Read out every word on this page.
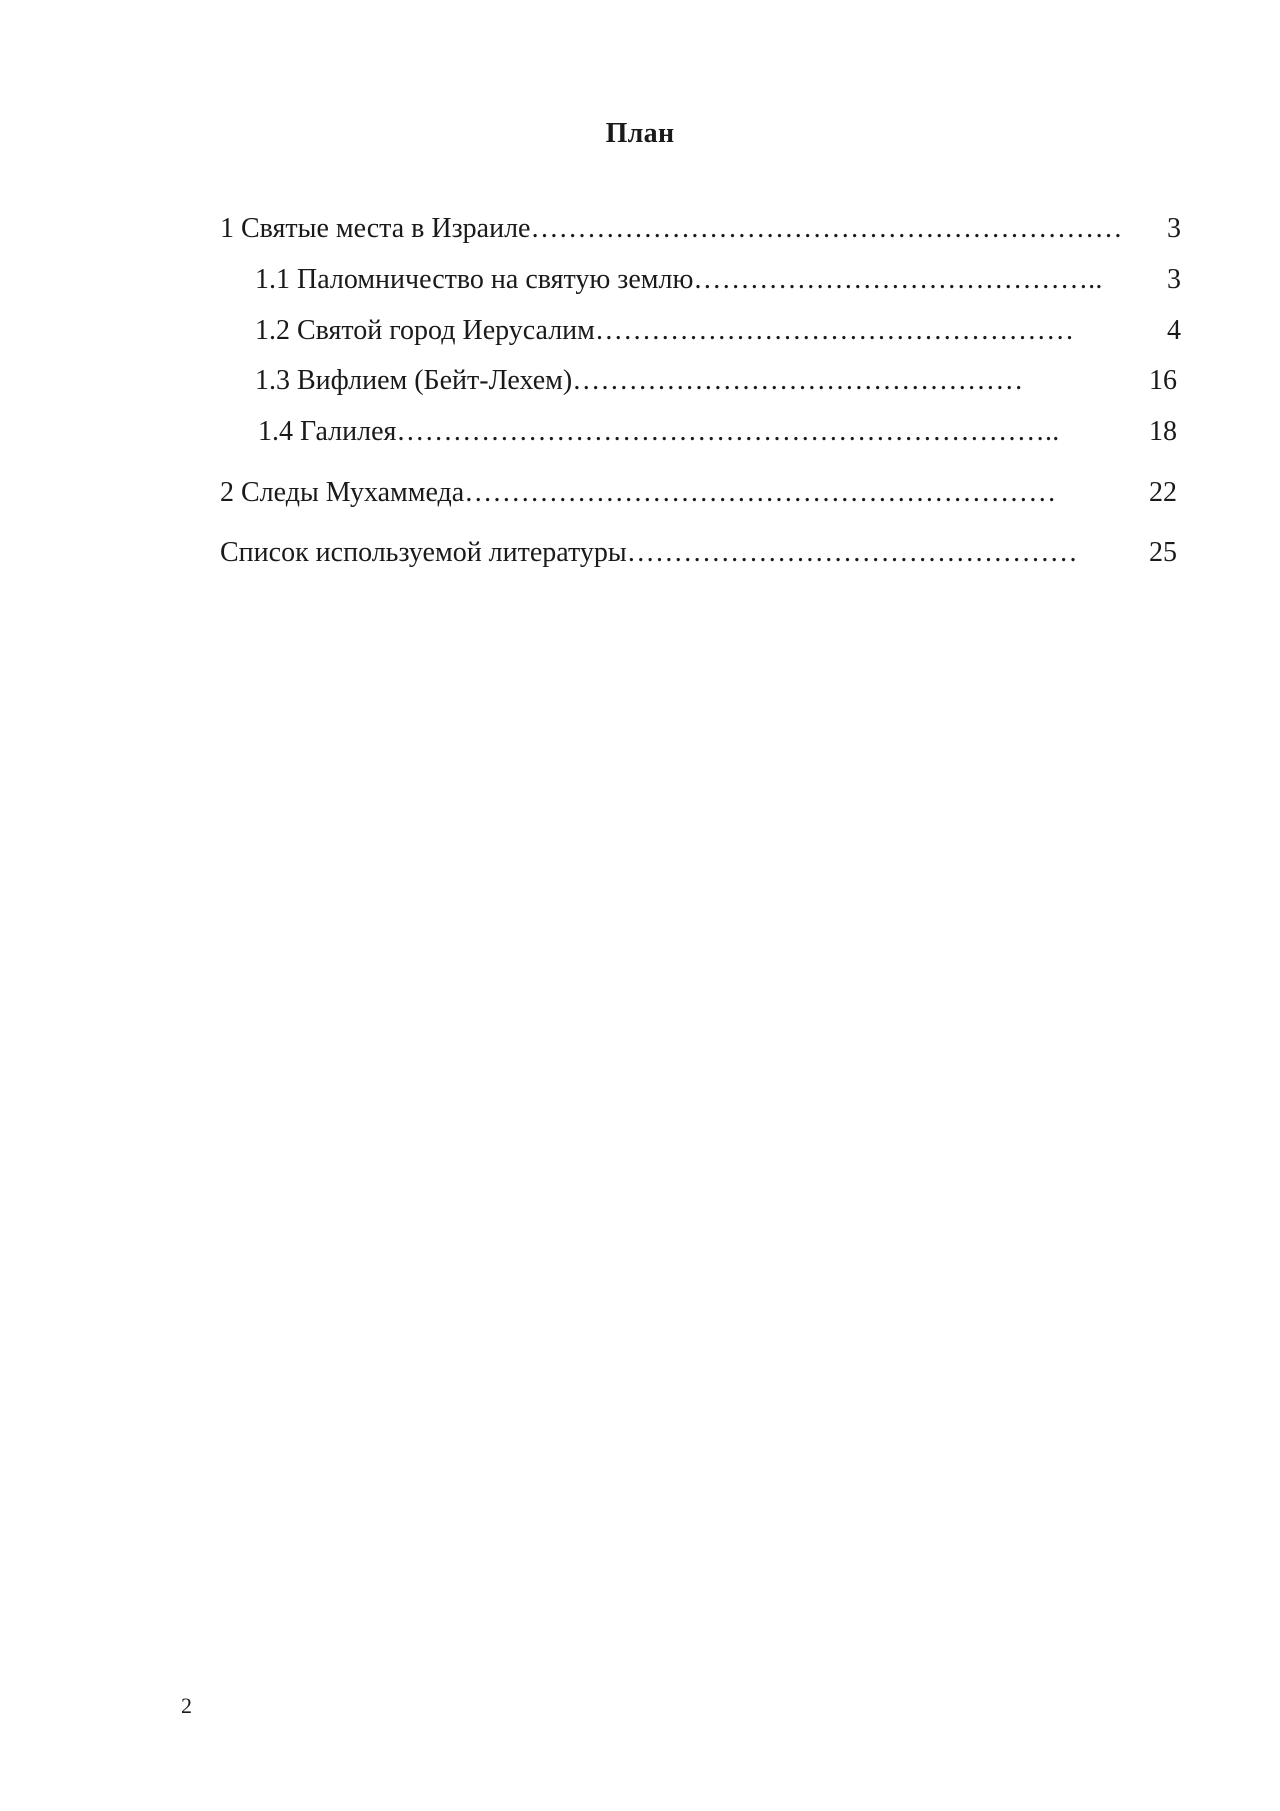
План
1 Святые места в Израиле……………………………………………………… 3
1.1 Паломничество на святую землю…………………………………….. 3
1.2 Святой город Иерусалим……………………………………………	4
1.3 Вифлием (Бейт-Лехем)…………………………………………	16
1.4 Галилея……………………………………………………………..	18
2 Следы Мухаммеда………………………………………………………	22
Список используемой литературы…………………………………………	25
2
